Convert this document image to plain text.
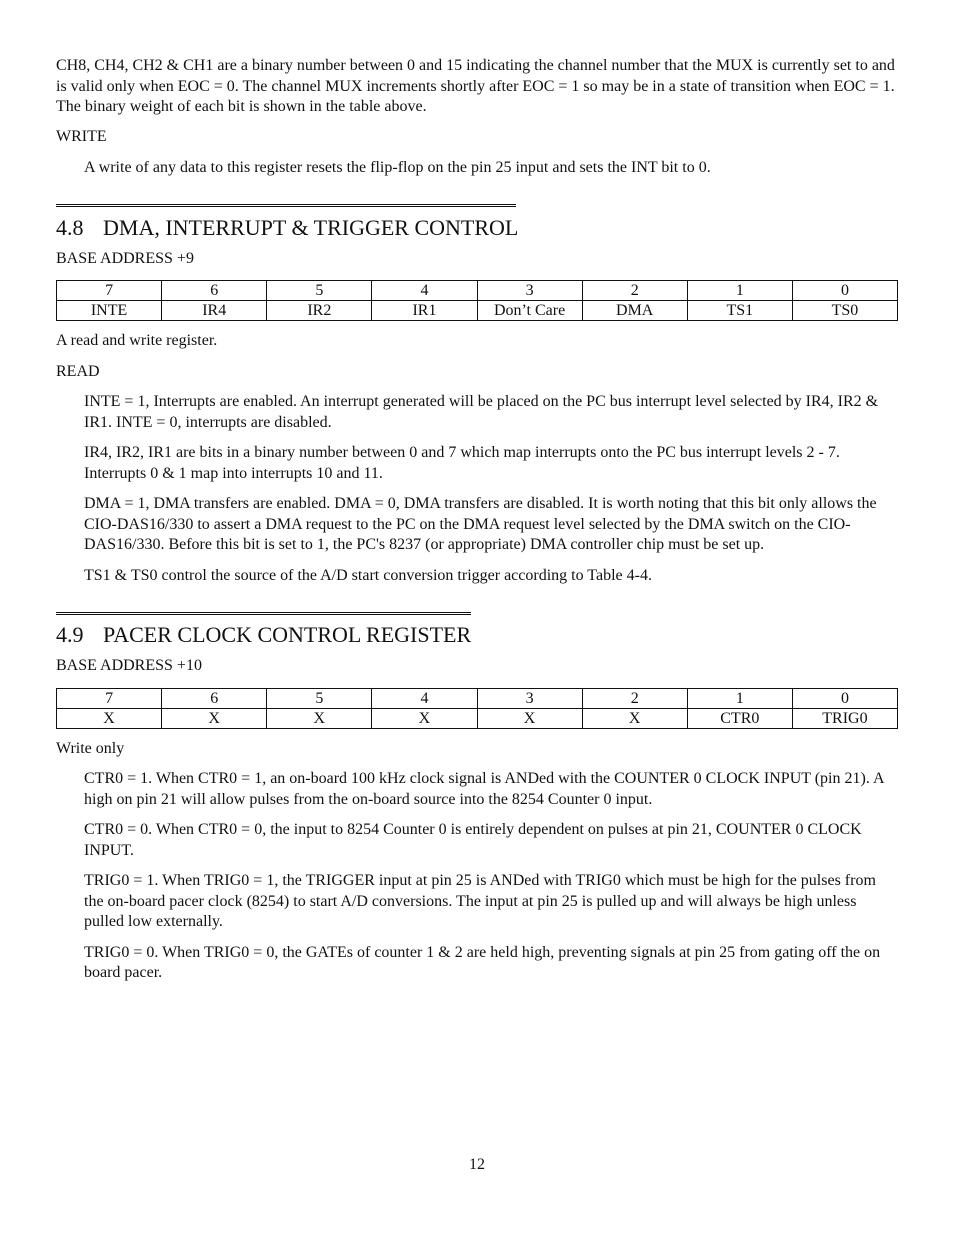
CH8, CH4, CH2 & CH1 are a binary number between 0 and 15 indicating the channel number that the MUX is currently set to and is valid only when EOC = 0. The channel MUX increments shortly after EOC = 1 so may be in a state of transition when EOC = 1. The binary weight of each bit is shown in the table above.

WRITE

A write of any data to this register resets the flip-flop on the pin 25 input and sets the INT bit to 0.

4.8 DMA, INTERRUPT & TRIGGER CONTROL

BASE ADDRESS +9

7	6	5	4	3	2	1	0
INTE	IR4	IR2	IR1	Don’t Care	DMA	TS1	TS0

A read and write register.

READ

INTE = 1, Interrupts are enabled. An interrupt generated will be placed on the PC bus interrupt level selected by IR4, IR2 & IR1. INTE = 0, interrupts are disabled.

IR4, IR2, IR1 are bits in a binary number between 0 and 7 which map interrupts onto the PC bus interrupt levels 2 - 7. Interrupts 0 & 1 map into interrupts 10 and 11.

DMA = 1, DMA transfers are enabled. DMA = 0, DMA transfers are disabled. It is worth noting that this bit only allows the CIO-DAS16/330 to assert a DMA request to the PC on the DMA request level selected by the DMA switch on the CIO-DAS16/330. Before this bit is set to 1, the PC's 8237 (or appropriate) DMA controller chip must be set up.

TS1 & TS0 control the source of the A/D start conversion trigger according to Table 4-4.

4.9 PACER CLOCK CONTROL REGISTER

BASE ADDRESS +10

7	6	5	4	3	2	1	0
X	X	X	X	X	X	CTR0	TRIG0

Write only

CTR0 = 1. When CTR0 = 1, an on-board 100 kHz clock signal is ANDed with the COUNTER 0 CLOCK INPUT (pin 21). A high on pin 21 will allow pulses from the on-board source into the 8254 Counter 0 input.

CTR0 = 0. When CTR0 = 0, the input to 8254 Counter 0 is entirely dependent on pulses at pin 21, COUNTER 0 CLOCK INPUT.

TRIG0 = 1. When TRIG0 = 1, the TRIGGER input at pin 25 is ANDed with TRIG0 which must be high for the pulses from the on-board pacer clock (8254) to start A/D conversions. The input at pin 25 is pulled up and will always be high unless pulled low externally.

TRIG0 = 0. When TRIG0 = 0, the GATEs of counter 1 & 2 are held high, preventing signals at pin 25 from gating off the on board pacer.

12
